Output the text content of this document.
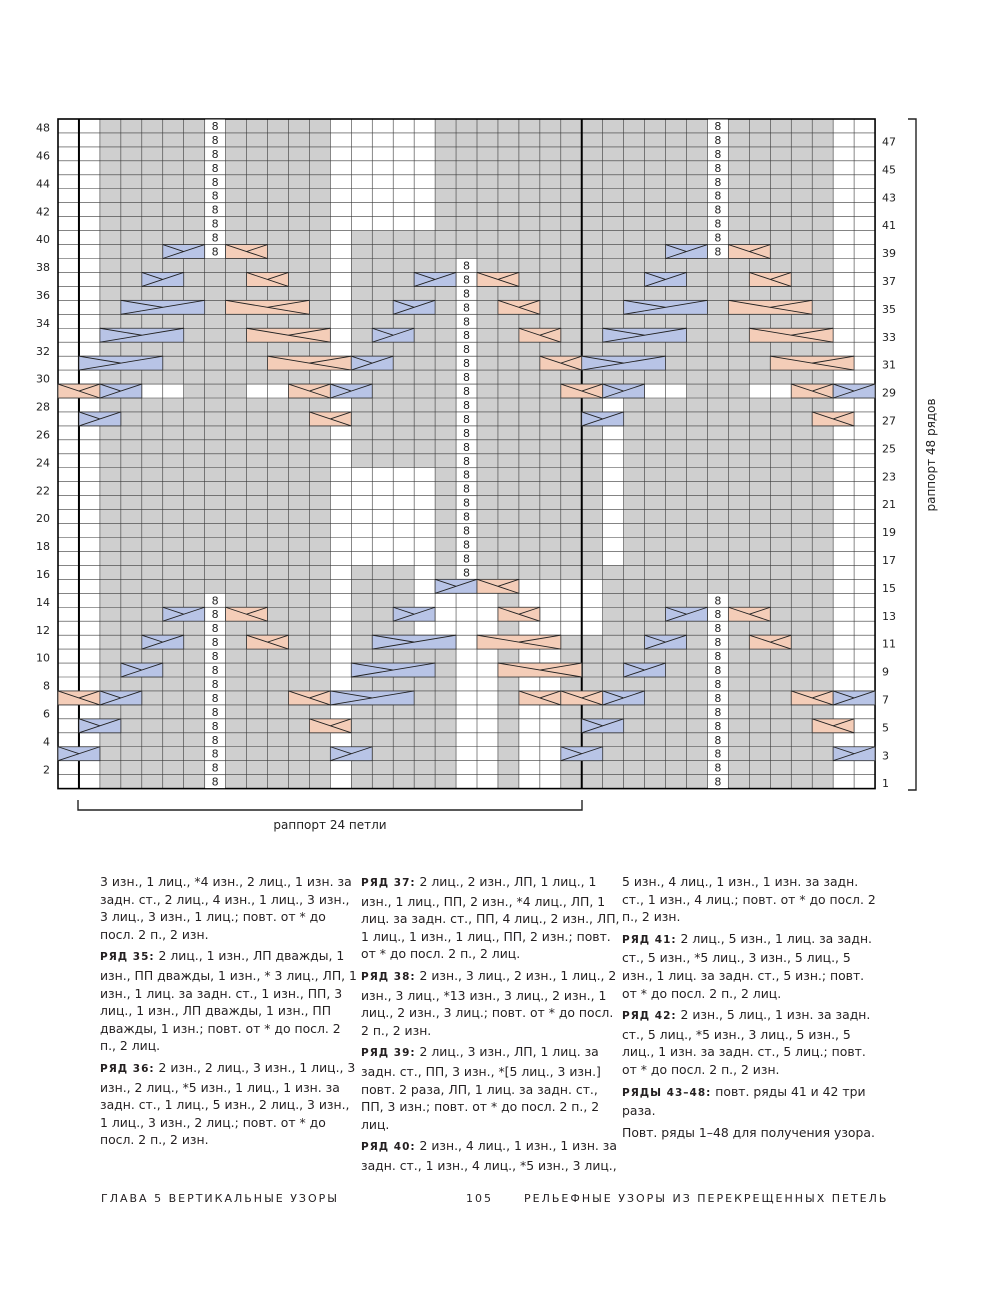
8
8
8
8
8
8
8
8
8
8
8
8
8
8
8
8
8
8
8
8
8
8
8
8
8
8
8
8
8
8
8
8
8
8
8
8
8
8
8
8
8
8
8
8
8
8
8
8
8
8
8
8
8
8
8
8
8
8
8
8
8
8
8
8
8
8
8
8
8
8
8
48
46
44
42
40
38
36
34
32
30
28
26
24
22
20
18
16
14
12
10
8
6
4
2
47
45
43
41
39
37
35
33
31
29
27
25
23
21
19
17
15
13
11
9
7
5
3
1
раппорт 48 рядов
раппорт 24 петли

3 изн., 1 лиц., *4 изн., 2 лиц., 1 изн. за задн. ст., 2 лиц., 4 изн., 1 лиц., 3 изн., 3 лиц., 3 изн., 1 лиц.; повт. от * до посл. 2 п., 2 изн.

РЯД 35: 2 лиц., 1 изн., ЛП дважды, 1 изн., ПП дважды, 1 изн., * 3 лиц., ЛП, 1 изн., 1 лиц. за задн. ст., 1 изн., ПП, 3 лиц., 1 изн., ЛП дважды, 1 изн., ПП дважды, 1 изн.; повт. от * до посл. 2 п., 2 лиц.

РЯД 36: 2 изн., 2 лиц., 3 изн., 1 лиц., 3 изн., 2 лиц., *5 изн., 1 лиц., 1 изн. за задн. ст., 1 лиц., 5 изн., 2 лиц., 3 изн., 1 лиц., 3 изн., 2 лиц.; повт. от * до посл. 2 п., 2 изн.

РЯД 37: 2 лиц., 2 изн., ЛП, 1 лиц., 1 изн., 1 лиц., ПП, 2 изн., *4 лиц., ЛП, 1 лиц. за задн. ст., ПП, 4 лиц., 2 изн., ЛП, 1 лиц., 1 изн., 1 лиц., ПП, 2 изн.; повт. от * до посл. 2 п., 2 лиц.

РЯД 38: 2 изн., 3 лиц., 2 изн., 1 лиц., 2 изн., 3 лиц., *13 изн., 3 лиц., 2 изн., 1 лиц., 2 изн., 3 лиц.; повт. от * до посл. 2 п., 2 изн.

РЯД 39: 2 лиц., 3 изн., ЛП, 1 лиц. за задн. ст., ПП, 3 изн., *[5 лиц., 3 изн.] повт. 2 раза, ЛП, 1 лиц. за задн. ст., ПП, 3 изн.; повт. от * до посл. 2 п., 2 лиц.

РЯД 40: 2 изн., 4 лиц., 1 изн., 1 изн. за задн. ст., 1 изн., 4 лиц., *5 изн., 3 лиц.,

5 изн., 4 лиц., 1 изн., 1 изн. за задн. ст., 1 изн., 4 лиц.; повт. от * до посл. 2 п., 2 изн.

РЯД 41: 2 лиц., 5 изн., 1 лиц. за задн. ст., 5 изн., *5 лиц., 3 изн., 5 лиц., 5 изн., 1 лиц. за задн. ст., 5 изн.; повт. от * до посл. 2 п., 2 лиц.

РЯД 42: 2 изн., 5 лиц., 1 изн. за задн. ст., 5 лиц., *5 изн., 3 лиц., 5 изн., 5 лиц., 1 изн. за задн. ст., 5 лиц.; повт. от * до посл. 2 п., 2 изн.

РЯДЫ 43–48: повт. ряды 41 и 42 три раза.

Повт. ряды 1–48 для получения узора.

ГЛАВА 5 ВЕРТИКАЛЬНЫЕ УЗОРЫ	105	РЕЛЬЕФНЫЕ УЗОРЫ ИЗ ПЕРЕКРЕЩЕННЫХ ПЕТЕЛЬ
